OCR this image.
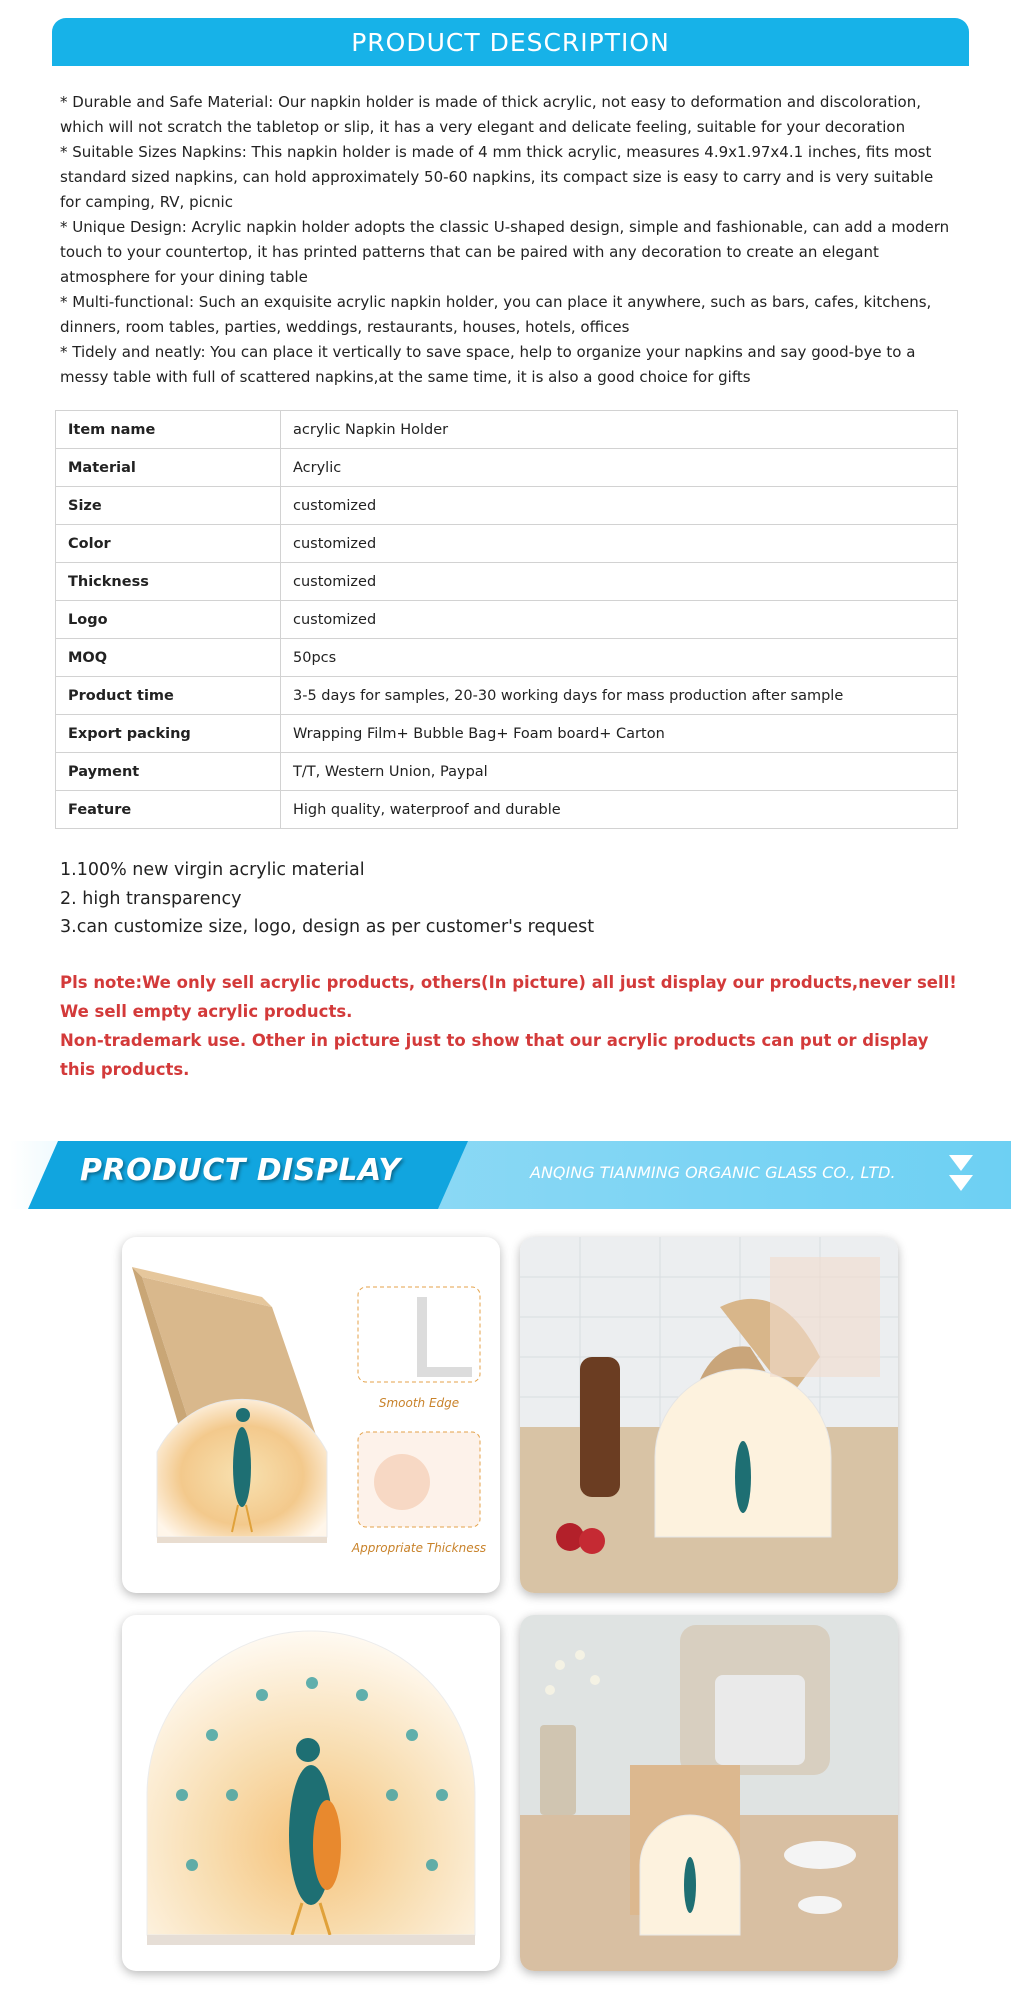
PRODUCT DESCRIPTION

* Durable and Safe Material: Our napkin holder is made of thick acrylic, not easy to deformation and discoloration, which will not scratch the tabletop or slip, it has a very elegant and delicate feeling, suitable for your decoration

* Suitable Sizes Napkins: This napkin holder is made of 4 mm thick acrylic, measures 4.9x1.97x4.1 inches, fits most standard sized napkins, can hold approximately 50-60 napkins, its compact size is easy to carry and is very suitable for camping, RV, picnic

* Unique Design: Acrylic napkin holder adopts the classic U-shaped design, simple and fashionable, can add a modern touch to your countertop, it has printed patterns that can be paired with any decoration to create an elegant atmosphere for your dining table

* Multi-functional: Such an exquisite acrylic napkin holder, you can place it anywhere, such as bars, cafes, kitchens, dinners, room tables, parties, weddings, restaurants, houses, hotels, offices

* Tidely and neatly: You can place it vertically to save space, help to organize your napkins and say good-bye to a messy table with full of scattered napkins,at the same time, it is also a good choice for gifts

Item name	acrylic Napkin Holder
Material	Acrylic
Size	customized
Color	customized
Thickness	customized
Logo	customized
MOQ	50pcs
Product time	3-5 days for samples, 20-30 working days for mass production after sample
Export packing	Wrapping Film+ Bubble Bag+ Foam board+ Carton
Payment	T/T, Western Union, Paypal
Feature	High quality, waterproof and durable

1.100% new virgin acrylic material

2. high transparency

3.can customize size, logo, design as per customer's request

Pls note:We only sell acrylic products, others(In picture) all just display our products,never sell! We sell empty acrylic products.

Non-trademark use. Other in picture just to show that our acrylic products can put or display this products.

PRODUCT DISPLAY	ANQING TIANMING ORGANIC GLASS CO., LTD.
Smooth Edge
Appropriate Thickness
